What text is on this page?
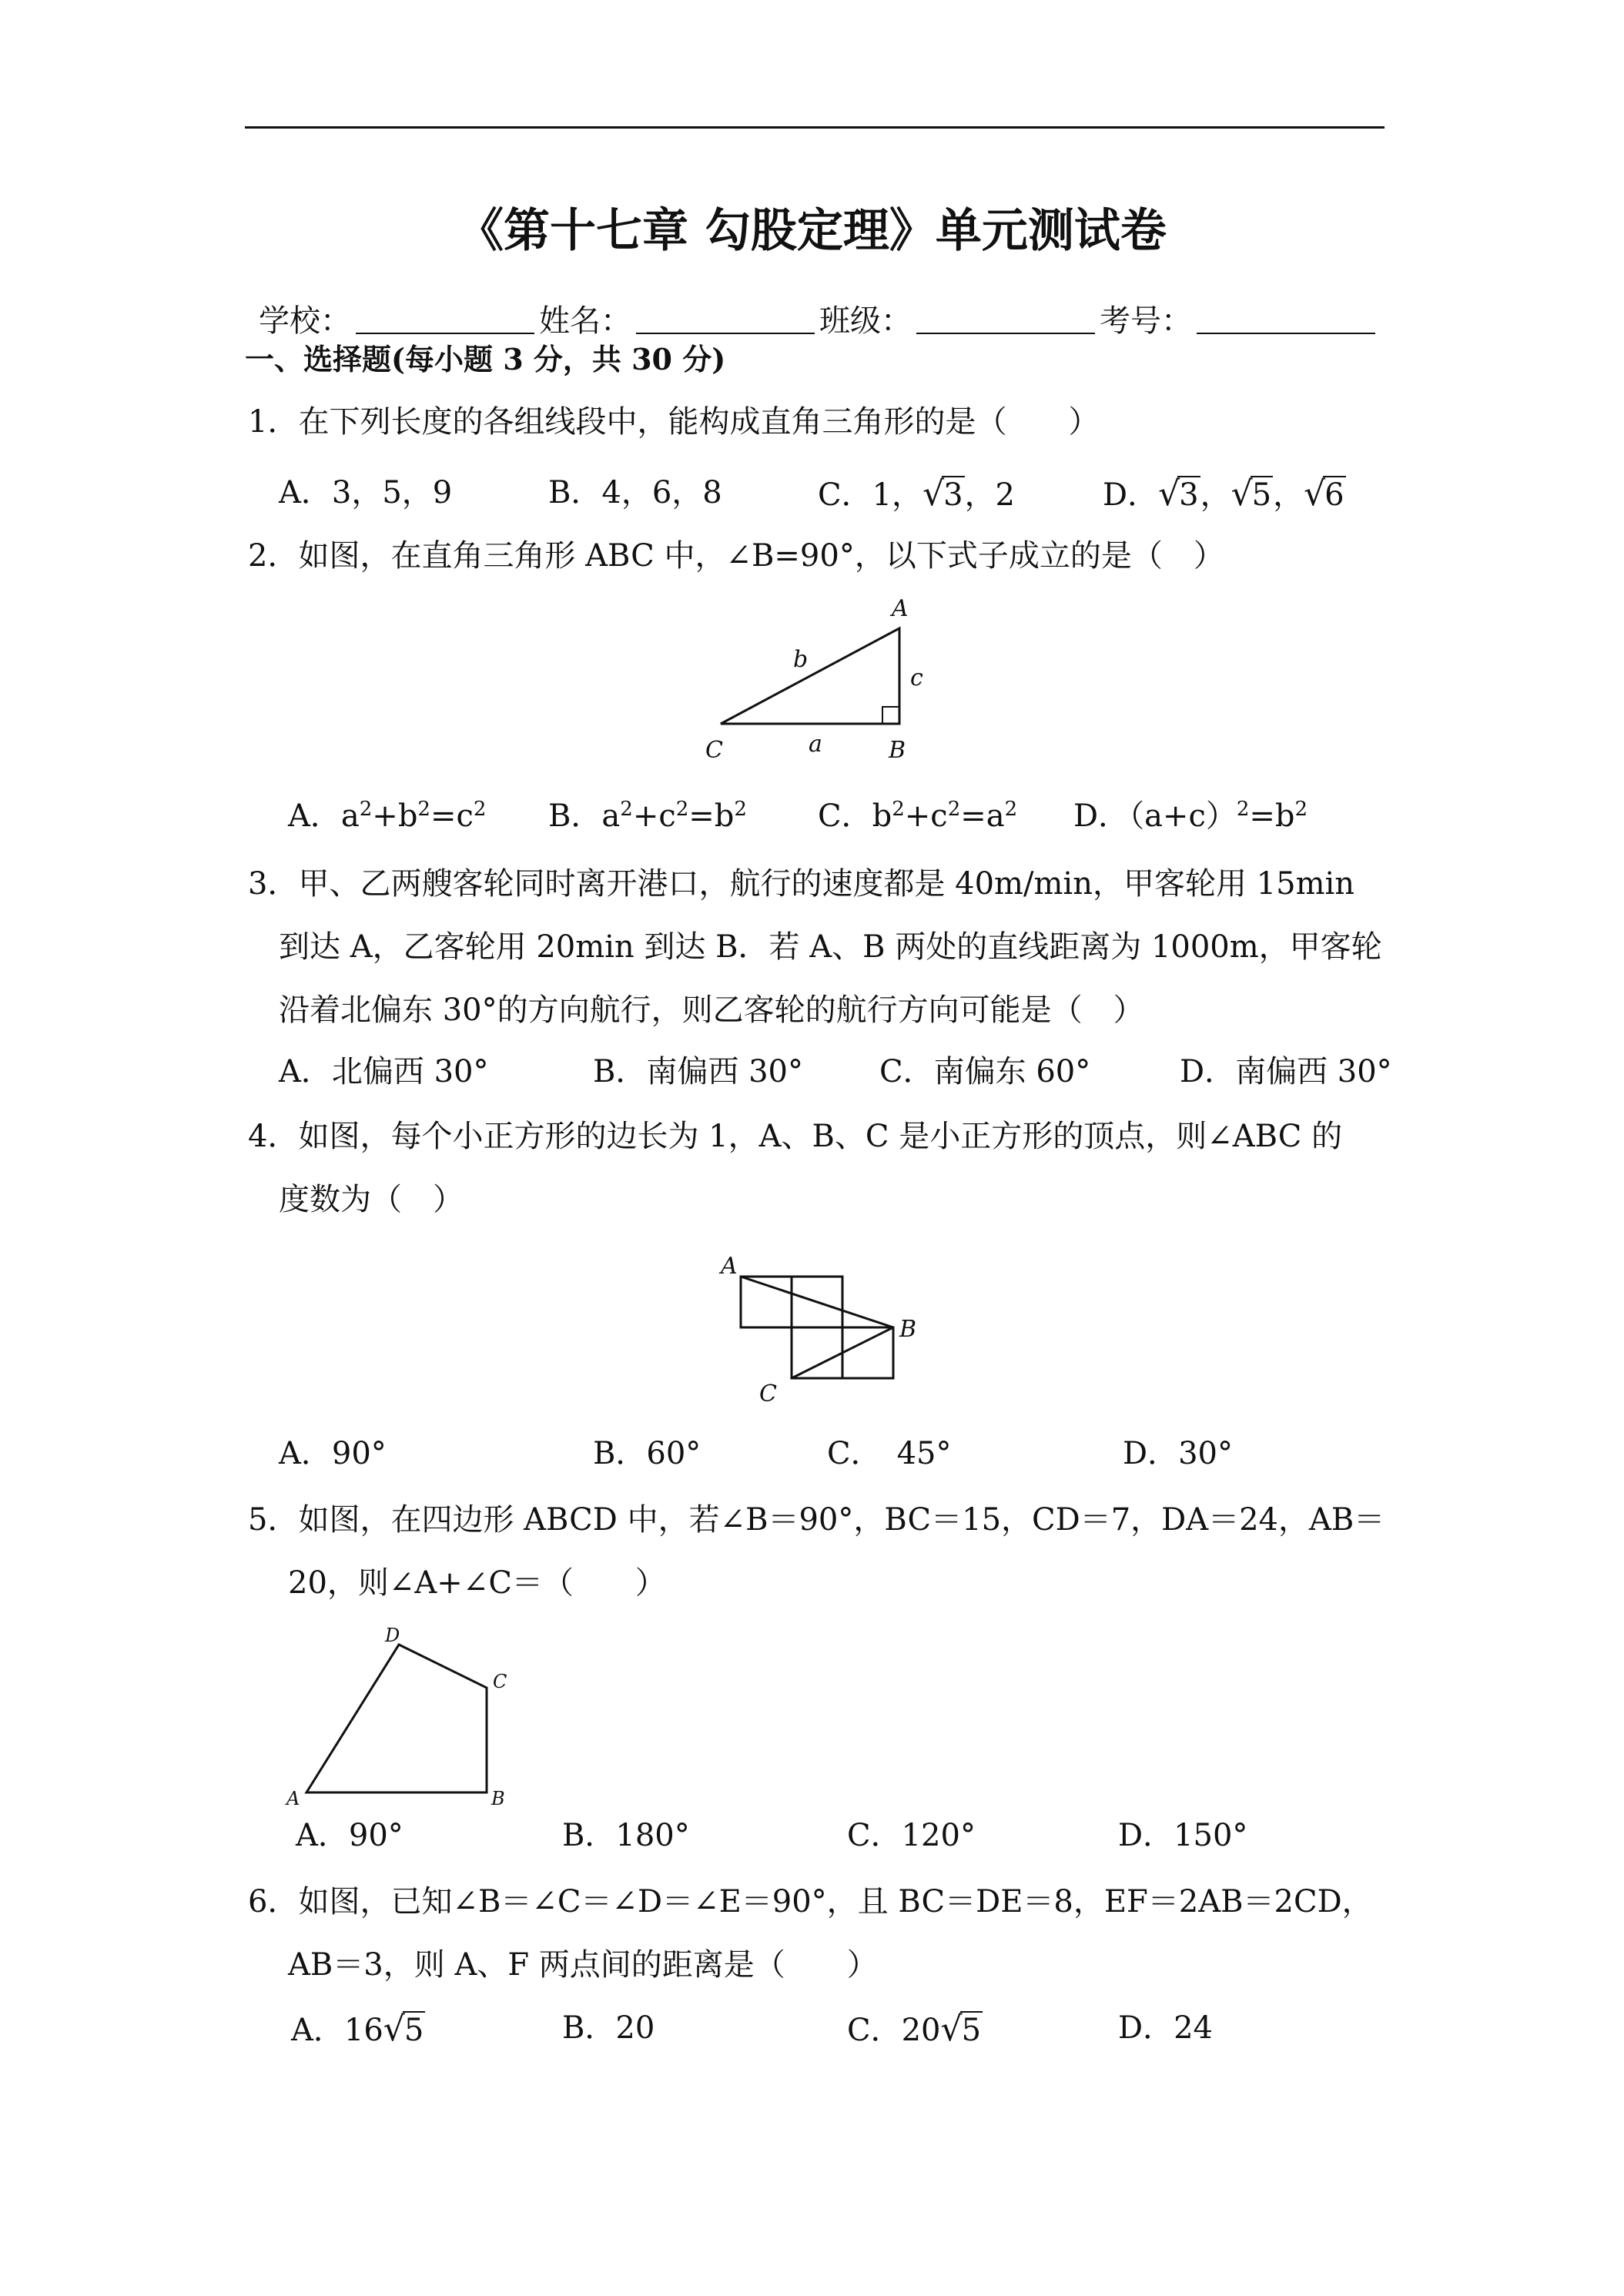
《第十七章 勾股定理》单元测试卷
学校：	姓名：	班级：	考号：
一、选择题(每小题 3 分，共 30 分)
1．在下列长度的各组线段中，能构成直角三角形的是（　　）
A．3，5，9	B．4，6，8	C．1，√3，2	D．√3，√5，√6
2．如图，在直角三角形 ABC 中，∠B=90°，以下式子成立的是（　）
A
B
C	a
b
c
A．$a^2+b^2=c^2$ B．$a^2+c^2=b^2$ C．$b^2+c^2=a^2$ D．$(a+c)^2=b^2$
3．甲、乙两艘客轮同时离开港口，航行的速度都是 40m/min，甲客轮用 15min
到达 A，乙客轮用 20min 到达 B．若 A、B 两处的直线距离为 1000m，甲客轮
沿着北偏东 30°的方向航行，则乙客轮的航行方向可能是（　）
A．北偏西 30°	B．南偏西 30° C．南偏东 60°	D．南偏西 30°
4．如图，每个小正方形的边长为 1，A、B、C 是小正方形的顶点，则∠ABC 的
度数为（　）
A
B
C
A．90°	B．60°	C．　45°	D．30°
5．如图，在四边形 ABCD 中，若∠B＝90°，BC＝15，CD＝7，DA＝24，AB＝
20，则∠A+∠C＝（　　）
A	B
C
D
A．90°	B．180°	C．120°	D．150°
6．如图，已知∠B＝∠C＝∠D＝∠E＝90°，且 BC＝DE＝8，EF＝2AB＝2CD，
AB＝3，则 A、F 两点间的距离是（　　）
A．16√5	B．20	C．20√5	D．24
